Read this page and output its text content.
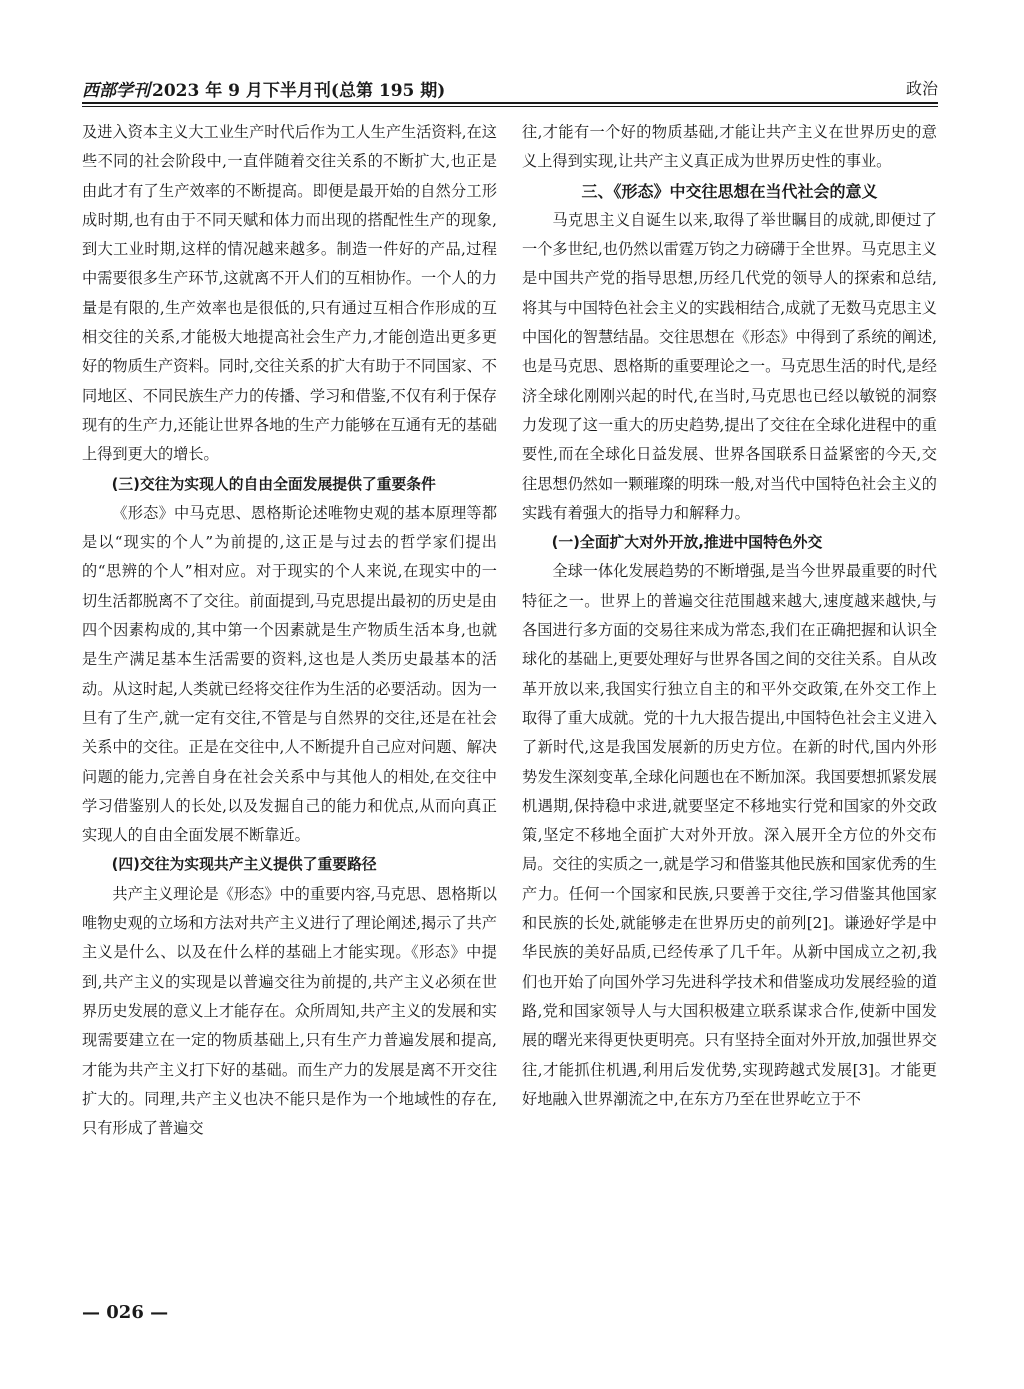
西部学刊 2023 年 9 月下半月刊(总第 195 期)	政治

及进入资本主义大工业生产时代后作为工人生产生活资料,在这些不同的社会阶段中,一直伴随着交往关系的不断扩大,也正是由此才有了生产效率的不断提高。即便是最开始的自然分工形成时期,也有由于不同天赋和体力而出现的搭配性生产的现象,到大工业时期,这样的情况越来越多。制造一件好的产品,过程中需要很多生产环节,这就离不开人们的互相协作。一个人的力量是有限的,生产效率也是很低的,只有通过互相合作形成的互相交往的关系,才能极大地提高社会生产力,才能创造出更多更好的物质生产资料。同时,交往关系的扩大有助于不同国家、不同地区、不同民族生产力的传播、学习和借鉴,不仅有利于保存现有的生产力,还能让世界各地的生产力能够在互通有无的基础上得到更大的增长。

(三)交往为实现人的自由全面发展提供了重要条件

《形态》中马克思、恩格斯论述唯物史观的基本原理等都是以“现实的个人”为前提的,这正是与过去的哲学家们提出的“思辨的个人”相对应。对于现实的个人来说,在现实中的一切生活都脱离不了交往。前面提到,马克思提出最初的历史是由四个因素构成的,其中第一个因素就是生产物质生活本身,也就是生产满足基本生活需要的资料,这也是人类历史最基本的活动。从这时起,人类就已经将交往作为生活的必要活动。因为一旦有了生产,就一定有交往,不管是与自然界的交往,还是在社会关系中的交往。正是在交往中,人不断提升自己应对问题、解决问题的能力,完善自身在社会关系中与其他人的相处,在交往中学习借鉴别人的长处,以及发掘自己的能力和优点,从而向真正实现人的自由全面发展不断靠近。

(四)交往为实现共产主义提供了重要路径

共产主义理论是《形态》中的重要内容,马克思、恩格斯以唯物史观的立场和方法对共产主义进行了理论阐述,揭示了共产主义是什么、以及在什么样的基础上才能实现。《形态》中提到,共产主义的实现是以普遍交往为前提的,共产主义必须在世界历史发展的意义上才能存在。众所周知,共产主义的发展和实现需要建立在一定的物质基础上,只有生产力普遍发展和提高,才能为共产主义打下好的基础。而生产力的发展是离不开交往扩大的。同理,共产主义也决不能只是作为一个地域性的存在,只有形成了普遍交

往,才能有一个好的物质基础,才能让共产主义在世界历史的意义上得到实现,让共产主义真正成为世界历史性的事业。

三、《形态》中交往思想在当代社会的意义

马克思主义自诞生以来,取得了举世瞩目的成就,即便过了一个多世纪,也仍然以雷霆万钧之力磅礴于全世界。马克思主义是中国共产党的指导思想,历经几代党的领导人的探索和总结,将其与中国特色社会主义的实践相结合,成就了无数马克思主义中国化的智慧结晶。交往思想在《形态》中得到了系统的阐述,也是马克思、恩格斯的重要理论之一。马克思生活的时代,是经济全球化刚刚兴起的时代,在当时,马克思也已经以敏锐的洞察力发现了这一重大的历史趋势,提出了交往在全球化进程中的重要性,而在全球化日益发展、世界各国联系日益紧密的今天,交往思想仍然如一颗璀璨的明珠一般,对当代中国特色社会主义的实践有着强大的指导力和解释力。

(一)全面扩大对外开放,推进中国特色外交

全球一体化发展趋势的不断增强,是当今世界最重要的时代特征之一。世界上的普遍交往范围越来越大,速度越来越快,与各国进行多方面的交易往来成为常态,我们在正确把握和认识全球化的基础上,更要处理好与世界各国之间的交往关系。自从改革开放以来,我国实行独立自主的和平外交政策,在外交工作上取得了重大成就。党的十九大报告提出,中国特色社会主义进入了新时代,这是我国发展新的历史方位。在新的时代,国内外形势发生深刻变革,全球化问题也在不断加深。我国要想抓紧发展机遇期,保持稳中求进,就要坚定不移地实行党和国家的外交政策,坚定不移地全面扩大对外开放。深入展开全方位的外交布局。交往的实质之一,就是学习和借鉴其他民族和国家优秀的生产力。任何一个国家和民族,只要善于交往,学习借鉴其他国家和民族的长处,就能够走在世界历史的前列[2]。谦逊好学是中华民族的美好品质,已经传承了几千年。从新中国成立之初,我们也开始了向国外学习先进科学技术和借鉴成功发展经验的道路,党和国家领导人与大国积极建立联系谋求合作,使新中国发展的曙光来得更快更明亮。只有坚持全面对外开放,加强世界交往,才能抓住机遇,利用后发优势,实现跨越式发展[3]。才能更好地融入世界潮流之中,在东方乃至在世界屹立于不

— 026 —
